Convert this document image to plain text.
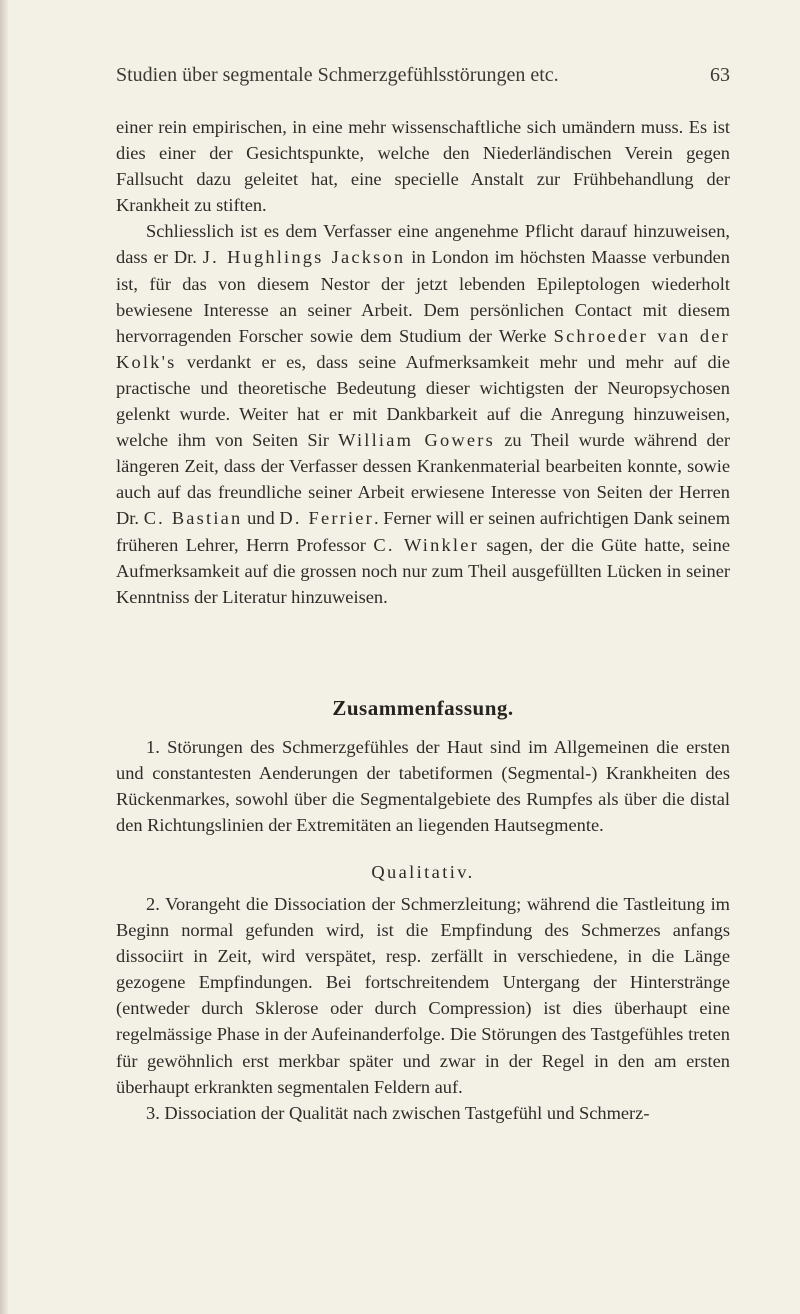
Studien über segmentale Schmerzgefühlsstörungen etc.	63

einer rein empirischen, in eine mehr wissenschaftliche sich umändern muss. Es ist dies einer der Gesichtspunkte, welche den Niederländischen Verein gegen Fallsucht dazu geleitet hat, eine specielle Anstalt zur Frühbehandlung der Krankheit zu stiften.

Schliesslich ist es dem Verfasser eine angenehme Pflicht darauf hinzuweisen, dass er Dr. J. Hughlings Jackson in London im höchsten Maasse verbunden ist, für das von diesem Nestor der jetzt lebenden Epileptologen wiederholt bewiesene Interesse an seiner Arbeit. Dem persönlichen Contact mit diesem hervorragenden Forscher sowie dem Studium der Werke Schroeder van der Kolk's verdankt er es, dass seine Aufmerksamkeit mehr und mehr auf die practische und theoretische Bedeutung dieser wichtigsten der Neuropsychosen gelenkt wurde. Weiter hat er mit Dankbarkeit auf die Anregung hinzuweisen, welche ihm von Seiten Sir William Gowers zu Theil wurde während der längeren Zeit, dass der Verfasser dessen Krankenmaterial bearbeiten konnte, sowie auch auf das freundliche seiner Arbeit erwiesene Interesse von Seiten der Herren Dr. C. Bastian und D. Ferrier. Ferner will er seinen aufrichtigen Dank seinem früheren Lehrer, Herrn Professor C. Winkler sagen, der die Güte hatte, seine Aufmerksamkeit auf die grossen noch nur zum Theil ausgefüllten Lücken in seiner Kenntniss der Literatur hinzuweisen.

Zusammenfassung.

1. Störungen des Schmerzgefühles der Haut sind im Allgemeinen die ersten und constantesten Aenderungen der tabetiformen (Segmental-) Krankheiten des Rückenmarkes, sowohl über die Segmentalgebiete des Rumpfes als über die distal den Richtungslinien der Extremitäten an liegenden Hautsegmente.

Qualitativ.

2. Vorangeht die Dissociation der Schmerzleitung; während die Tastleitung im Beginn normal gefunden wird, ist die Empfindung des Schmerzes anfangs dissociirt in Zeit, wird verspätet, resp. zerfällt in verschiedene, in die Länge gezogene Empfindungen. Bei fortschreitendem Untergang der Hinterstränge (entweder durch Sklerose oder durch Compression) ist dies überhaupt eine regelmässige Phase in der Aufeinanderfolge. Die Störungen des Tastgefühles treten für gewöhnlich erst merkbar später und zwar in der Regel in den am ersten überhaupt erkrankten segmentalen Feldern auf.

3. Dissociation der Qualität nach zwischen Tastgefühl und Schmerz-
